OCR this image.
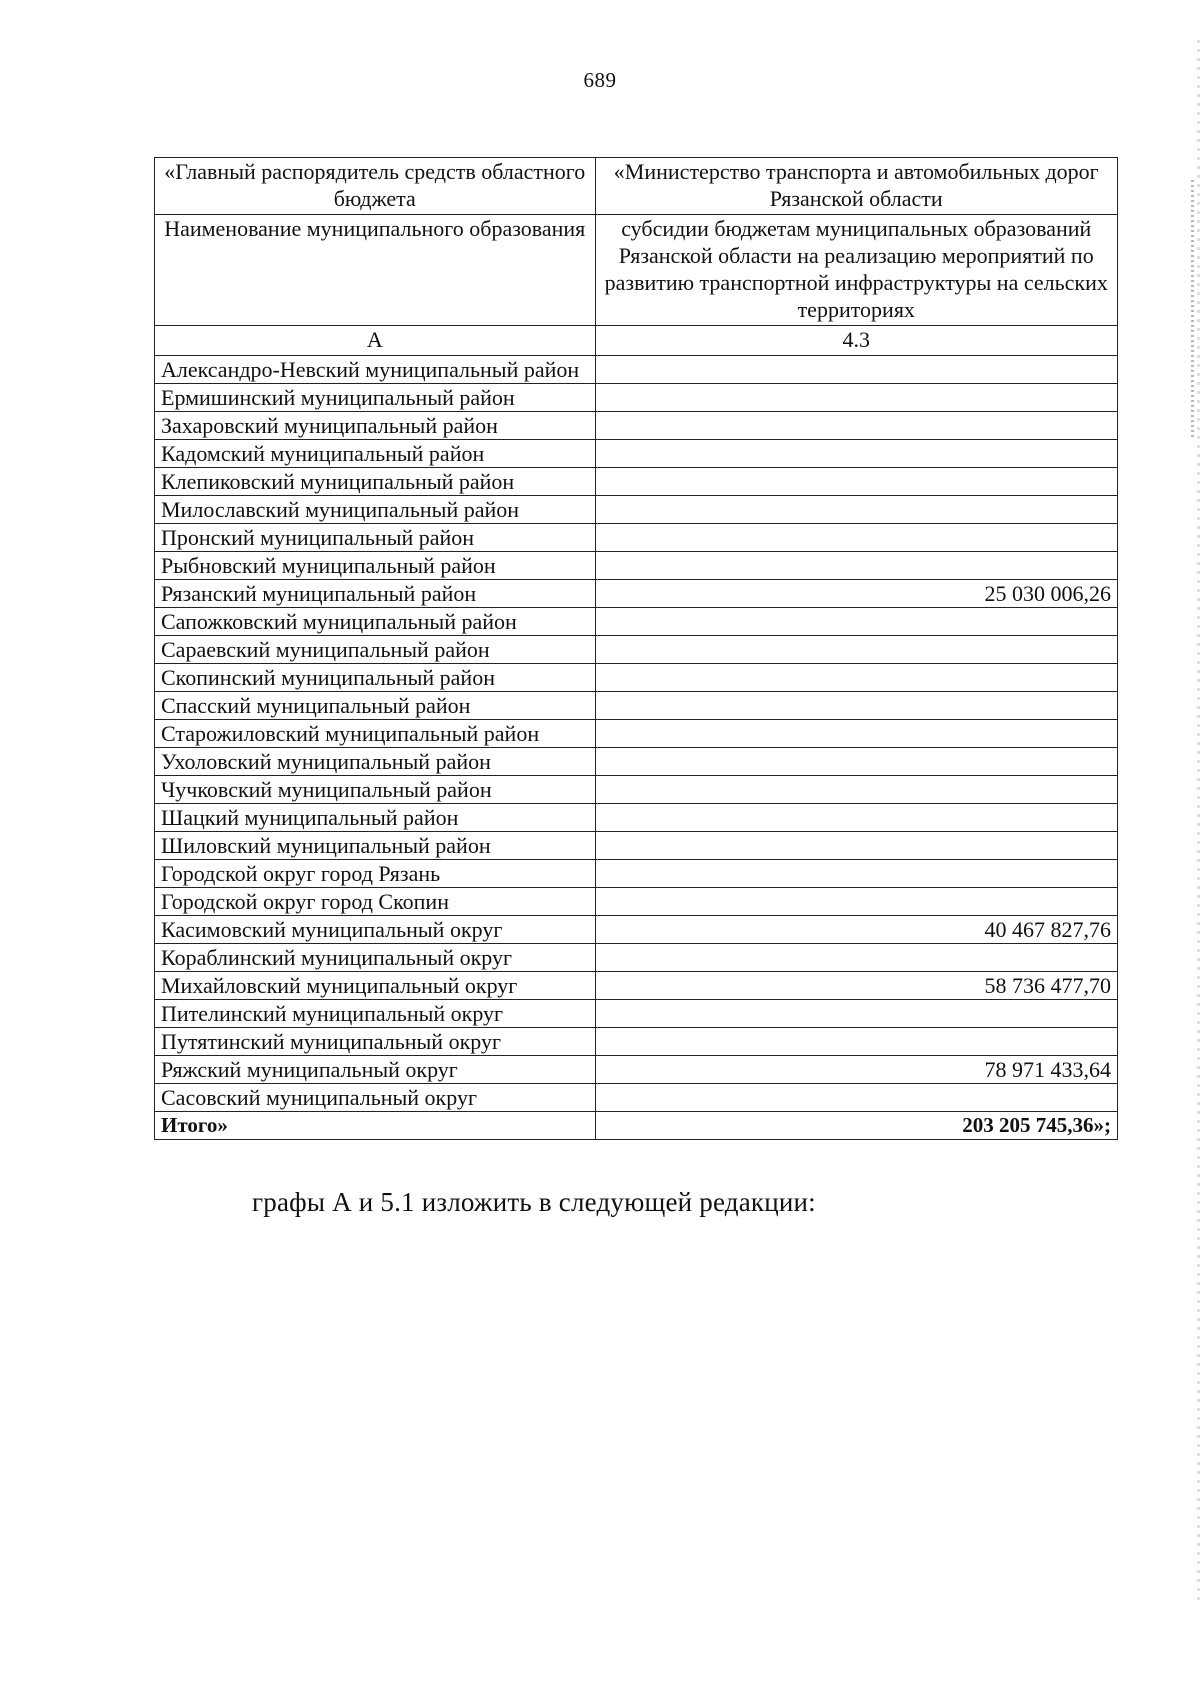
689
«Главный распорядитель средств областного бюджета	«Министерство транспорта и автомобильных дорог Рязанской области
Наименование муниципального образования	субсидии бюджетам муниципальных образований Рязанской области на реализацию мероприятий по развитию транспортной инфраструктуры на сельских территориях
А	4.3
Александро-Невский муниципальный район	
Ермишинский муниципальный район	
Захаровский муниципальный район	
Кадомский муниципальный район	
Клепиковский муниципальный район	
Милославский муниципальный район	
Пронский муниципальный район	
Рыбновский муниципальный район	
Рязанский муниципальный район	25 030 006,26
Сапожковский муниципальный район	
Сараевский муниципальный район	
Скопинский муниципальный район	
Спасский муниципальный район	
Старожиловский муниципальный район	
Ухоловский муниципальный район	
Чучковский муниципальный район	
Шацкий муниципальный район	
Шиловский муниципальный район	
Городской округ город Рязань	
Городской округ город Скопин	
Касимовский муниципальный округ	40 467 827,76
Кораблинский муниципальный округ	
Михайловский муниципальный округ	58 736 477,70
Пителинский муниципальный округ	
Путятинский муниципальный округ	
Ряжский муниципальный округ	78 971 433,64
Сасовский муниципальный округ	
Итого»	203 205 745,36»;
графы А и 5.1 изложить в следующей редакции:
